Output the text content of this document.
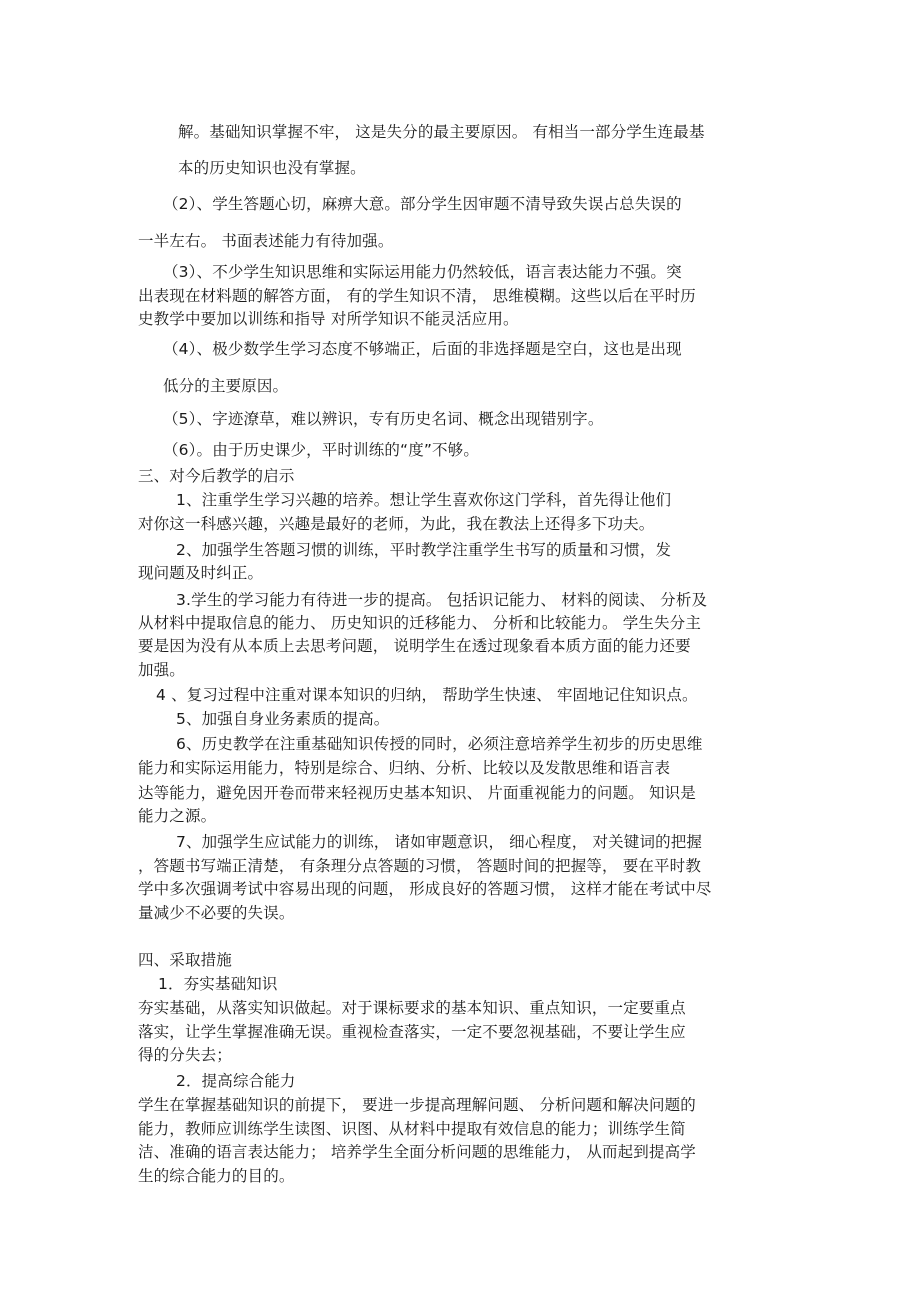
解。基础知识掌握不牢， 这是失分的最主要原因。 有相当一部分学生连最基
本的历史知识也没有掌握。
（2）、学生答题心切，麻痹大意。部分学生因审题不清导致失误占总失误的
一半左右。 书面表述能力有待加强。
（3）、不少学生知识思维和实际运用能力仍然较低，语言表达能力不强。突
出表现在材料题的解答方面， 有的学生知识不清， 思维模糊。这些以后在平时历
史教学中要加以训练和指导 对所学知识不能灵活应用。
（4）、极少数学生学习态度不够端正，后面的非选择题是空白，这也是出现
低分的主要原因。
（5）、字迹潦草，难以辨识，专有历史名词、概念出现错别字。
（6）。由于历史课少，平时训练的“度”不够。
三、对今后教学的启示
1、注重学生学习兴趣的培养。想让学生喜欢你这门学科，首先得让他们
对你这一科感兴趣，兴趣是最好的老师，为此，我在教法上还得多下功夫。
2、加强学生答题习惯的训练，平时教学注重学生书写的质量和习惯，发
现问题及时纠正。
3.学生的学习能力有待进一步的提高。 包括识记能力、 材料的阅读、 分析及
从材料中提取信息的能力、 历史知识的迁移能力、 分析和比较能力。 学生失分主
要是因为没有从本质上去思考问题， 说明学生在透过现象看本质方面的能力还要
加强。
4 、复习过程中注重对课本知识的归纳， 帮助学生快速、 牢固地记住知识点。
5、加强自身业务素质的提高。
6、历史教学在注重基础知识传授的同时，必须注意培养学生初步的历史思维
能力和实际运用能力，特别是综合、归纳、分析、比较以及发散思维和语言表
达等能力，避免因开卷而带来轻视历史基本知识、 片面重视能力的问题。 知识是
能力之源。
7、加强学生应试能力的训练， 诸如审题意识， 细心程度， 对关键词的把握
，答题书写端正清楚， 有条理分点答题的习惯， 答题时间的把握等， 要在平时教
学中多次强调考试中容易出现的问题， 形成良好的答题习惯， 这样才能在考试中尽
量减少不必要的失误。
四、采取措施
1．夯实基础知识
夯实基础，从落实知识做起。对于课标要求的基本知识、重点知识，一定要重点
落实，让学生掌握准确无误。重视检查落实，一定不要忽视基础，不要让学生应
得的分失去；
2．提高综合能力
学生在掌握基础知识的前提下， 要进一步提高理解问题、 分析问题和解决问题的
能力，教师应训练学生读图、识图、从材料中提取有效信息的能力；训练学生简
洁、准确的语言表达能力； 培养学生全面分析问题的思维能力， 从而起到提高学
生的综合能力的目的。
